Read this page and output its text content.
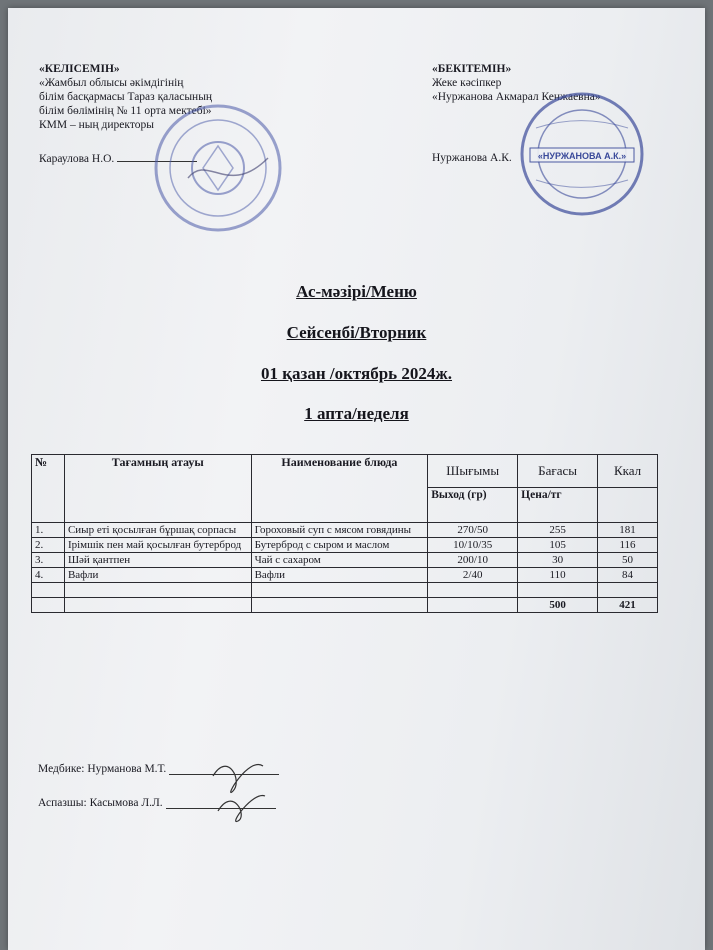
«КЕЛІСЕМІН»
«Жамбыл облысы әкімдігінің
білім басқармасы Тараз қаласының
білім бөлімінің № 11 орта мектебі»
КММ – ның директоры
Караулова Н.О.
«БЕКІТЕМІН»
Жеке кәсіпкер
«Нуржанова Акмарал Кенжаевна»
Нуржанова А.К.	«НУРЖАНОВА А.К.»
Ас-мәзірі/Меню
Сейсенбі/Вторник
01 қазан /октябрь 2024ж.
1 апта/неделя
№	Тағамның атауы	Наименование блюда	Шығымы	Бағасы	Ккал
			Выход (гр)	Цена/тг	
1.	Сиыр еті қосылған бұршақ сорпасы	Гороховый суп с мясом говядины	270/50	255	181
2.	Ірімшік пен май қосылған бутерброд	Бутерброд с сыром и маслом	10/10/35	105	116
3.	Шәй қантпен	Чай с сахаром	200/10	30	50
4.	Вафли	Вафли	2/40	110	84

				500	421
Медбике: Нурманова М.Т.
Аспазшы: Касымова Л.Л.
